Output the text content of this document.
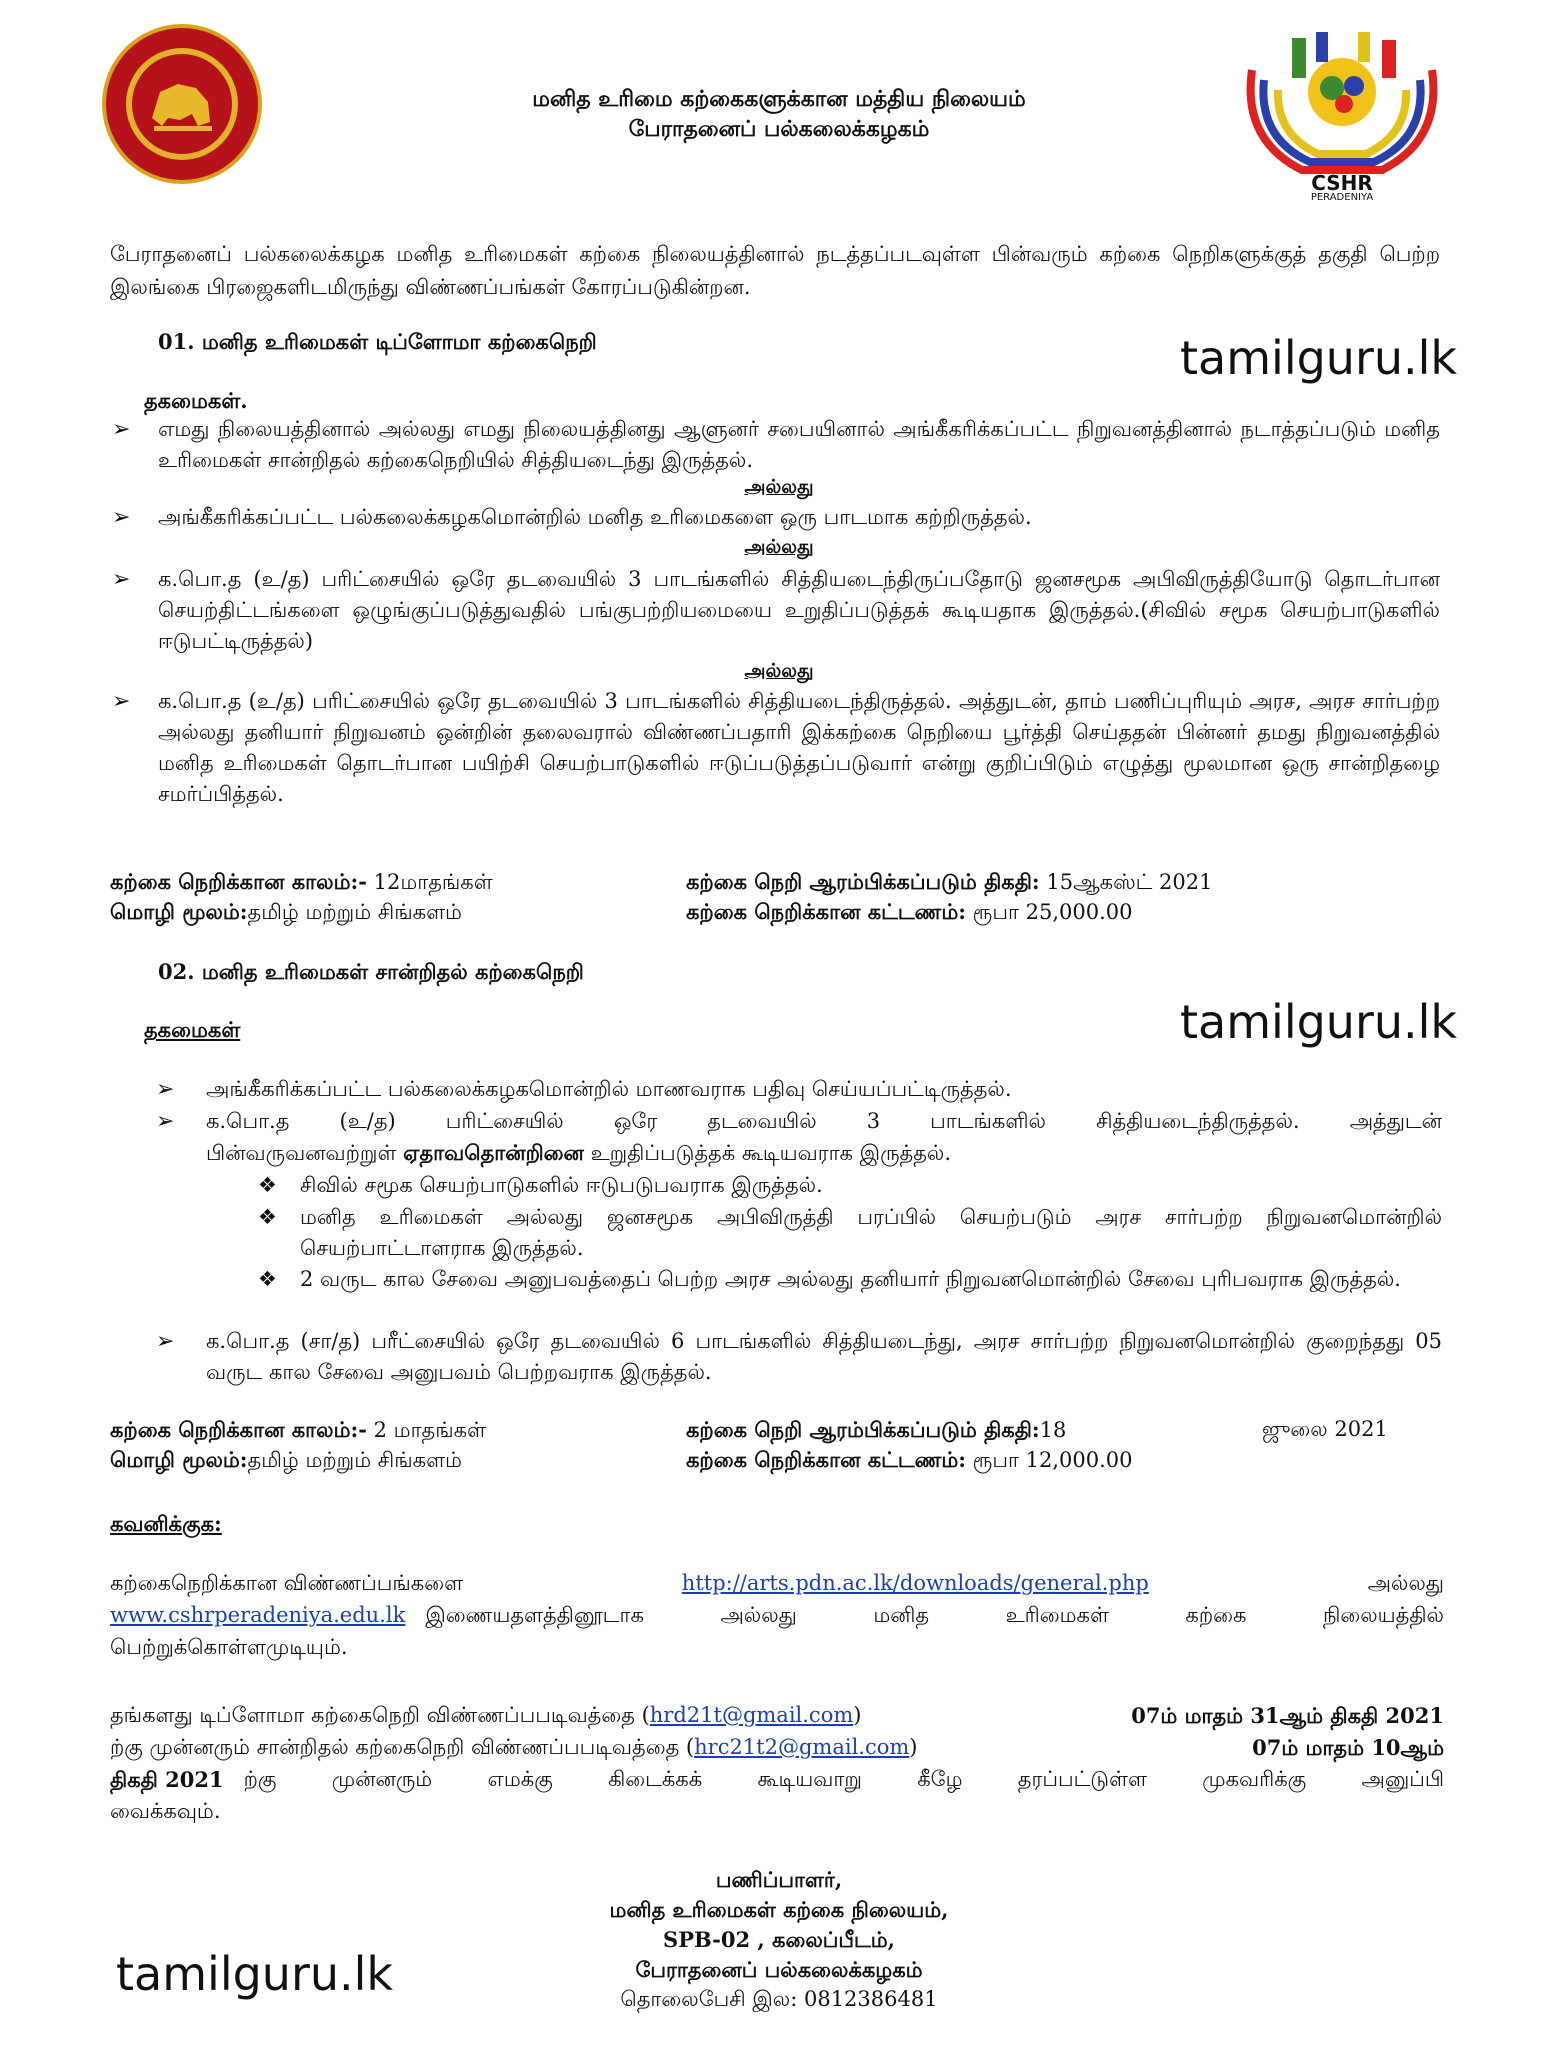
மனித உரிமை கற்கைகளுக்கான மத்திய நிலையம்
பேராதனைப் பல்கலைக்கழகம்
CSHR
PERADENIYA
பேராதனைப் பல்கலைக்கழக மனித உரிமைகள் கற்கை நிலையத்தினால் நடத்தப்படவுள்ள பின்வரும் கற்கை நெறிகளுக்குத் தகுதி பெற்ற இலங்கை பிரஜைகளிடமிருந்து விண்ணப்பங்கள் கோரப்படுகின்றன.
01. மனித உரிமைகள் டிப்ளோமா கற்கைநெறி	tamilguru.lk
தகமைகள்.
➢ எமது நிலையத்தினால் அல்லது எமது நிலையத்தினது ஆளுனர் சபையினால் அங்கீகரிக்கப்பட்ட நிறுவனத்தினால் நடாத்தப்படும் மனித உரிமைகள் சான்றிதல் கற்கைநெறியில் சித்தியடைந்து இருத்தல்.
அல்லது
➢ அங்கீகரிக்கப்பட்ட பல்கலைக்கழகமொன்றில் மனித உரிமைகளை ஒரு பாடமாக கற்றிருத்தல்.
அல்லது
➢ க.பொ.த (உ/த) பரிட்சையில் ஒரே தடவையில் 3 பாடங்களில் சித்தியடைந்திருப்பதோடு ஜனசமூக அபிவிருத்தியோடு தொடர்பான செயற்திட்டங்களை ஒழுங்குப்படுத்துவதில் பங்குபற்றியமையை உறுதிப்படுத்தக் கூடியதாக இருத்தல்.(சிவில் சமூக செயற்பாடுகளில் ஈடுபட்டிருத்தல்)
அல்லது
➢ க.பொ.த (உ/த) பரிட்சையில் ஒரே தடவையில் 3 பாடங்களில் சித்தியடைந்திருத்தல். அத்துடன், தாம் பணிப்புரியும் அரச, அரச சார்பற்ற அல்லது தனியார் நிறுவனம் ஒன்றின் தலைவரால் விண்ணப்பதாரி இக்கற்கை நெறியை பூர்த்தி செய்ததன் பின்னர் தமது நிறுவனத்தில் மனித உரிமைகள் தொடர்பான பயிற்சி செயற்பாடுகளில் ஈடுப்படுத்தப்படுவார் என்று குறிப்பிடும் எழுத்து மூலமான ஒரு சான்றிதழை சமர்ப்பித்தல்.
கற்கை நெறிக்கான காலம்:- 12மாதங்கள்	கற்கை நெறி ஆரம்பிக்கப்படும் திகதி: 15ஆகஸ்ட் 2021
மொழி மூலம்:தமிழ் மற்றும் சிங்களம்	கற்கை நெறிக்கான கட்டணம்: ரூபா 25,000.00
02. மனித உரிமைகள் சான்றிதல் கற்கைநெறி
tamilguru.lk
தகமைகள்
➢ அங்கீகரிக்கப்பட்ட பல்கலைக்கழகமொன்றில் மாணவராக பதிவு செய்யப்பட்டிருத்தல்.
➢ க.பொ.த (உ/த) பரிட்சையில் ஒரே தடவையில் 3 பாடங்களில் சித்தியடைந்திருத்தல். அத்துடன்
பின்வருவனவற்றுள் ஏதாவதொன்றினை உறுதிப்படுத்தக் கூடியவராக இருத்தல்.
❖ சிவில் சமூக செயற்பாடுகளில் ஈடுபடுபவராக இருத்தல்.
❖ மனித உரிமைகள் அல்லது ஜனசமூக அபிவிருத்தி பரப்பில் செயற்படும் அரச சார்பற்ற நிறுவனமொன்றில் செயற்பாட்டாளராக இருத்தல்.
❖ 2 வருட கால சேவை அனுபவத்தைப் பெற்ற அரச அல்லது தனியார் நிறுவனமொன்றில் சேவை புரிபவராக இருத்தல்.
➢ க.பொ.த (சா/த) பரீட்சையில் ஒரே தடவையில் 6 பாடங்களில் சித்தியடைந்து, அரச சார்பற்ற நிறுவனமொன்றில் குறைந்தது 05 வருட கால சேவை அனுபவம் பெற்றவராக இருத்தல்.
கற்கை நெறிக்கான காலம்:- 2 மாதங்கள்	கற்கை நெறி ஆரம்பிக்கப்படும் திகதி:18	ஜுலை 2021
மொழி மூலம்:தமிழ் மற்றும் சிங்களம்	கற்கை நெறிக்கான கட்டணம்: ரூபா 12,000.00
கவனிக்குக:
கற்கைநெறிக்கான விண்ணப்பங்களை	http://arts.pdn.ac.lk/downloads/general.php	அல்லது
www.cshrperadeniya.edu.lk இணையதளத்தினூடாக அல்லது மனித உரிமைகள் கற்கை நிலையத்தில்
பெற்றுக்கொள்ளமுடியும்.
தங்களது டிப்ளோமா கற்கைநெறி விண்ணப்பபடிவத்தை (hrd21t@gmail.com)	07ம் மாதம் 31ஆம் திகதி 2021
ற்கு முன்னரும் சான்றிதல் கற்கைநெறி விண்ணப்பபடிவத்தை (hrc21t2@gmail.com)	07ம் மாதம் 10ஆம்
திகதி 2021 ற்கு முன்னரும் எமக்கு கிடைக்கக் கூடியவாறு கீழே தரப்பட்டுள்ள முகவரிக்கு அனுப்பி
வைக்கவும்.
பணிப்பாளர்,
மனித உரிமைகள் கற்கை நிலையம்,
SPB-02 , கலைப்பீடம்,
பேராதனைப் பல்கலைக்கழகம்
தொலைபேசி இல: 0812386481
tamilguru.lk
